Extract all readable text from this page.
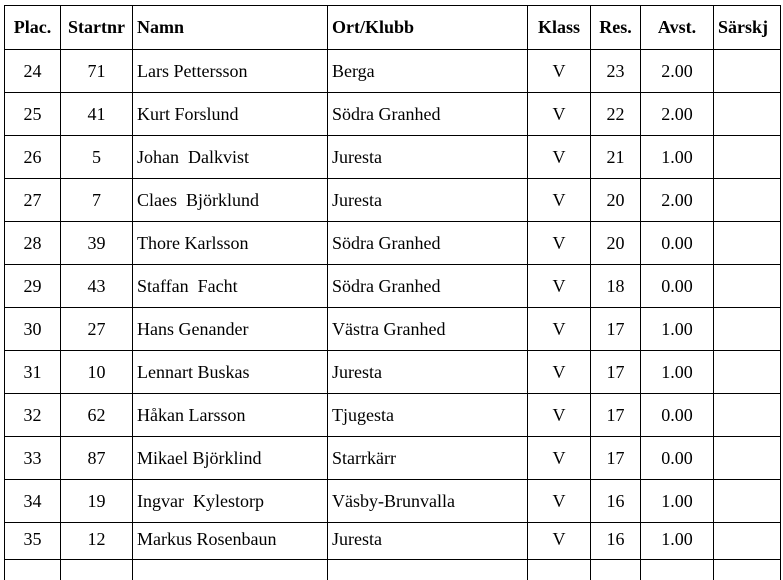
Plac.	Startnr	Namn	Ort/Klubb	Klass	Res.	Avst.	Särskj
24	71	Lars Pettersson	Berga	V	23	2.00	
25	41	Kurt Forslund	Södra Granhed	V	22	2.00	
26	5	Johan  Dalkvist	Juresta	V	21	1.00	
27	7	Claes  Björklund	Juresta	V	20	2.00	
28	39	Thore Karlsson	Södra Granhed	V	20	0.00	
29	43	Staffan  Facht	Södra Granhed	V	18	0.00	
30	27	Hans Genander	Västra Granhed	V	17	1.00	
31	10	Lennart Buskas	Juresta	V	17	1.00	
32	62	Håkan Larsson	Tjugesta	V	17	0.00	
33	87	Mikael Björklind	Starrkärr	V	17	0.00	
34	19	Ingvar  Kylestorp	Väsby-Brunvalla	V	16	1.00	
35	12	Markus Rosenbaun	Juresta	V	16	1.00	
